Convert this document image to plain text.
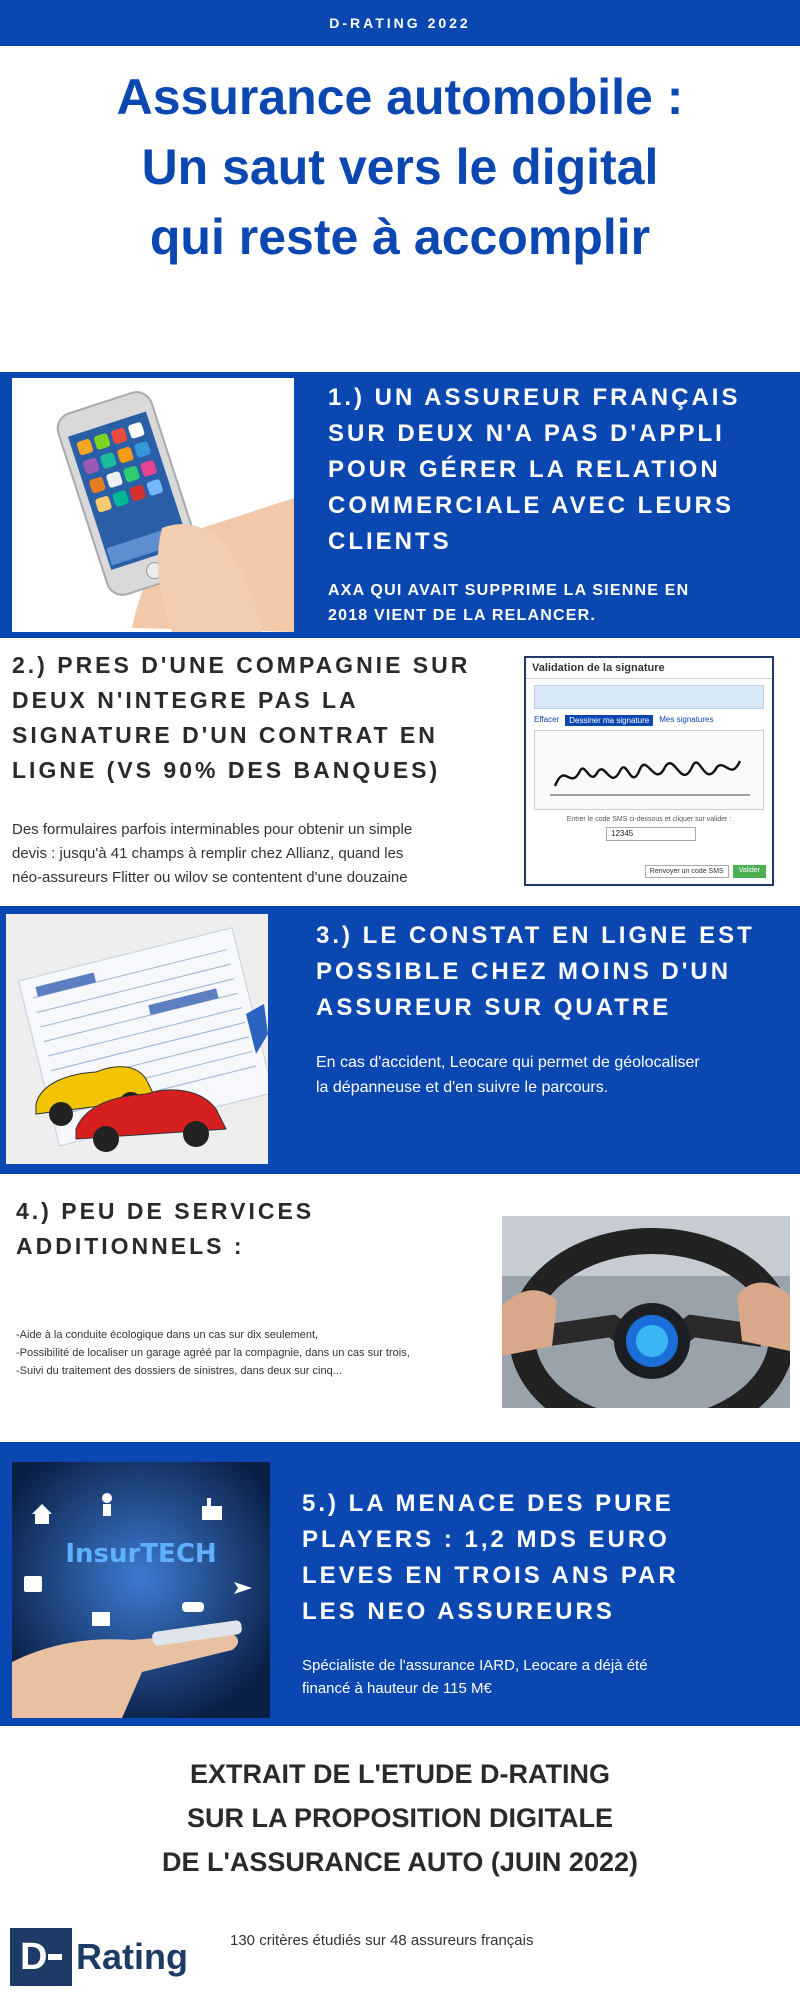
D-RATING 2022
Assurance automobile :
Un saut vers le digital
qui reste à accomplir
1.) UN ASSUREUR FRANÇAIS
SUR DEUX N'A PAS D'APPLI
POUR GÉRER LA RELATION
COMMERCIALE AVEC LEURS
CLIENTS
AXA QUI AVAIT SUPPRIME LA SIENNE EN
2018 VIENT DE LA RELANCER.
2.) PRES D'UNE COMPAGNIE SUR
DEUX N'INTEGRE PAS LA
SIGNATURE D'UN CONTRAT EN
LIGNE (VS 90% DES BANQUES)
Des formulaires parfois interminables pour obtenir un simple
devis : jusqu'à 41 champs à remplir chez Allianz, quand les
néo-assureurs Flitter ou wilov se contentent d'une douzaine
Validation de la signature
Effacer	Dessiner ma signature	Mes signatures
Entrer le code SMS ci-dessous et cliquer sur valider :
12345
Renvoyer un code SMS	Valider
3.) LE CONSTAT EN LIGNE EST
POSSIBLE CHEZ MOINS D'UN
ASSUREUR SUR QUATRE
En cas d'accident, Leocare qui permet de géolocaliser
la dépanneuse et d'en suivre le parcours.
4.) PEU DE SERVICES
ADDITIONNELS :
-Aide à la conduite écologique dans un cas sur dix seulement,
-Possibilité de localiser un garage agréé par la compagnie, dans un cas sur trois,
-Suivi du traitement des dossiers de sinistres, dans deux sur cinq...
InsurTECH
5.) LA MENACE DES PURE
PLAYERS : 1,2 MDS EURO
LEVES EN TROIS ANS PAR
LES NEO ASSUREURS
Spécialiste de l'assurance IARD, Leocare a déjà été
financé à hauteur de 115 M€
EXTRAIT DE L'ETUDE D-RATING
SUR LA PROPOSITION DIGITALE
DE L'ASSURANCE AUTO (JUIN 2022)
D Rating	130 critères étudiés sur 48 assureurs français
